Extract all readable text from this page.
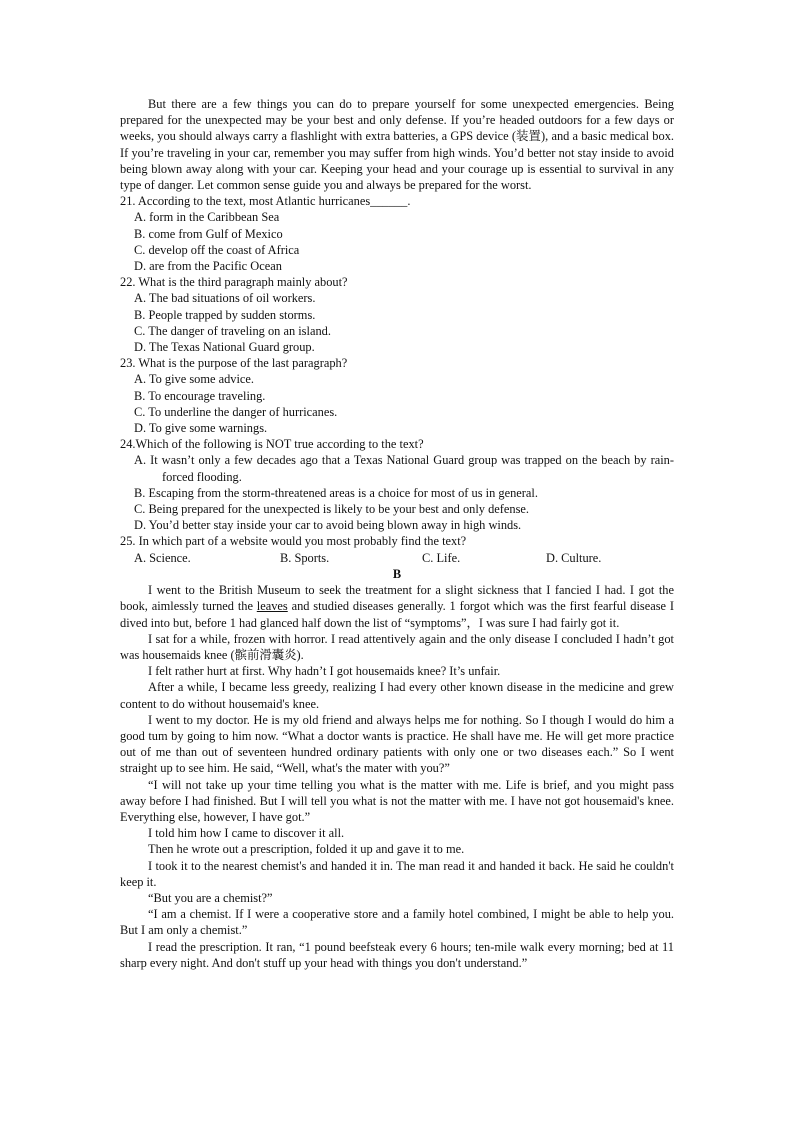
But there are a few things you can do to prepare yourself for some unexpected emergencies. Being prepared for the unexpected may be your best and only defense. If you’re headed outdoors for a few days or weeks, you should always carry a flashlight with extra batteries, a GPS device (装置), and a basic medical box. If you’re traveling in your car, remember you may suffer from high winds. You’d better not stay inside to avoid being blown away along with your car. Keeping your head and your courage up is essential to survival in any type of danger. Let common sense guide you and always be prepared for the worst.

21. According to the text, most Atlantic hurricanes______.

A. form in the Caribbean Sea

B. come from Gulf of Mexico

C. develop off the coast of Africa

D. are from the Pacific Ocean

22. What is the third paragraph mainly about?

A. The bad situations of oil workers.

B. People trapped by sudden storms.

C. The danger of traveling on an island.

D. The Texas National Guard group.

23. What is the purpose of the last paragraph?

A. To give some advice.

B. To encourage traveling.

C. To underline the danger of hurricanes.

D. To give some warnings.

24.Which of the following is NOT true according to the text?

A. It wasn’t only a few decades ago that a Texas National Guard group was trapped on the beach by rain-forced flooding.

B. Escaping from the storm-threatened areas is a choice for most of us in general.

C. Being prepared for the unexpected is likely to be your best and only defense.

D. You’d better stay inside your car to avoid being blown away in high winds.

25. In which part of a website would you most probably find the text?

A. Science.	B. Sports.	C. Life.	D. Culture.

B

I went to the British Museum to seek the treatment for a slight sickness that I fancied I had. I got the book, aimlessly turned the leaves and studied diseases generally. 1 forgot which was the first fearful disease I dived into but, before 1 had glanced half down the list of “symptoms”，I was sure I had fairly got it.

I sat for a while, frozen with horror. I read attentively again and the only disease I concluded I hadn’t got was housemaids knee (髌前滑囊炎).

I felt rather hurt at first. Why hadn’t I got housemaids knee? It’s unfair.

After a while, I became less greedy, realizing I had every other known disease in the medicine and grew content to do without housemaid's knee.

I went to my doctor. He is my old friend and always helps me for nothing. So I though I would do him a good tum by going to him now. “What a doctor wants is practice. He shall have me. He will get more practice out of me than out of seventeen hundred ordinary patients with only one or two diseases each.” So I went straight up to see him. He said, “Well, what's the mater with you?”

“I will not take up your time telling you what is the matter with me. Life is brief, and you might pass away before I had finished. But I will tell you what is not the matter with me. I have not got housemaid's knee. Everything else, however, I have got.”

I told him how I came to discover it all.

Then he wrote out a prescription, folded it up and gave it to me.

I took it to the nearest chemist's and handed it in. The man read it and handed it back. He said he couldn't keep it.

“But you are a chemist?”

“I am a chemist. If I were a cooperative store and a family hotel combined, I might be able to help you. But I am only a chemist.”

I read the prescription. It ran, “1 pound beefsteak every 6 hours; ten-mile walk every morning; bed at 11 sharp every night. And don't stuff up your head with things you don't understand.”
